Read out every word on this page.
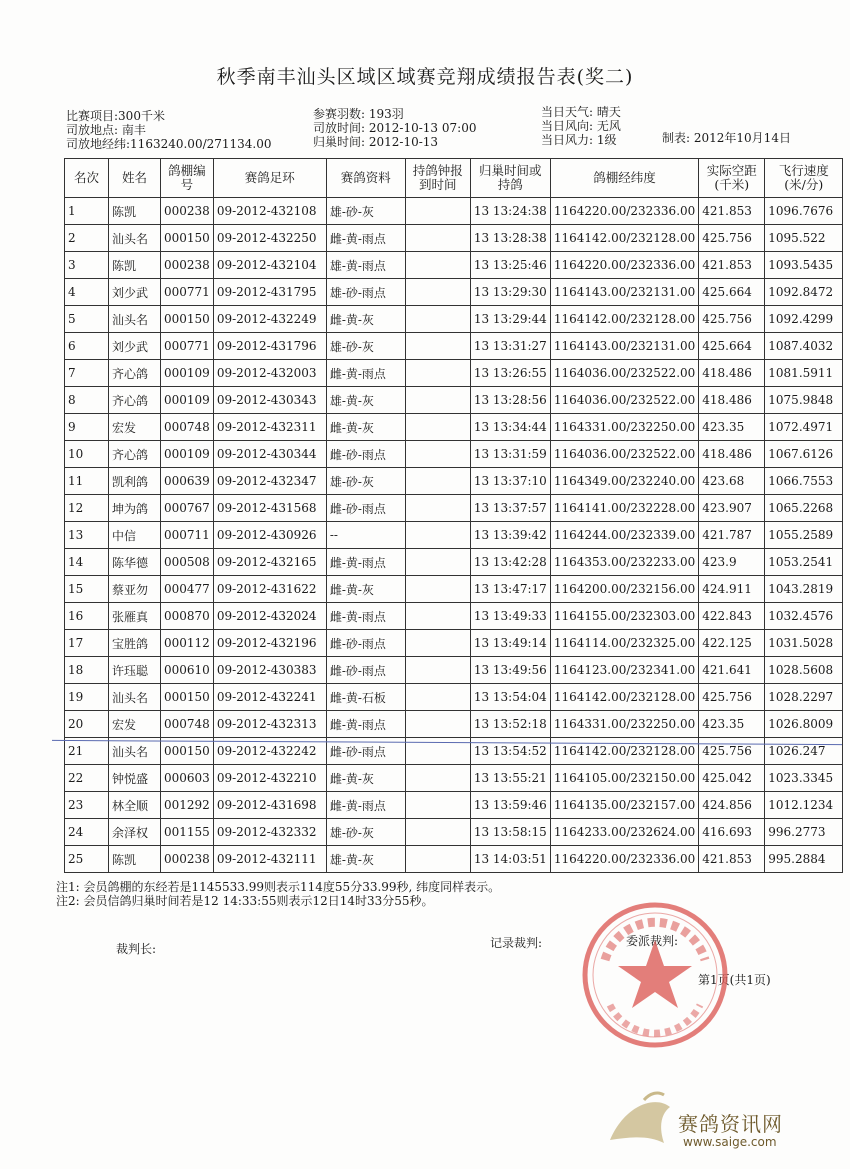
秋季南丰汕头区域区域赛竞翔成绩报告表(奖二)
比赛项目:300千米
司放地点: 南丰
司放地经纬:1163240.00/271134.00
参赛羽数: 193羽
司放时间: 2012-10-13 07:00
归巢时间: 2012-10-13
当日天气: 晴天
当日风向: 无风
当日风力: 1级	制表: 2012年10月14日
名次	姓名	鸽棚编号	赛鸽足环	赛鸽资料	持鸽钟报到时间	归巢时间或持鸽	鸽棚经纬度	实际空距(千米)	飞行速度(米/分)
1	陈凯	000238	09-2012-432108	雄-砂-灰		13 13:24:38	1164220.00/232336.00	421.853	1096.7676
2	汕头名	000150	09-2012-432250	雌-黄-雨点		13 13:28:38	1164142.00/232128.00	425.756	1095.522
3	陈凯	000238	09-2012-432104	雄-黄-雨点		13 13:25:46	1164220.00/232336.00	421.853	1093.5435
4	刘少武	000771	09-2012-431795	雄-砂-雨点		13 13:29:30	1164143.00/232131.00	425.664	1092.8472
5	汕头名	000150	09-2012-432249	雌-黄-灰		13 13:29:44	1164142.00/232128.00	425.756	1092.4299
6	刘少武	000771	09-2012-431796	雄-砂-灰		13 13:31:27	1164143.00/232131.00	425.664	1087.4032
7	齐心鸽	000109	09-2012-432003	雌-黄-雨点		13 13:26:55	1164036.00/232522.00	418.486	1081.5911
8	齐心鸽	000109	09-2012-430343	雄-黄-灰		13 13:28:56	1164036.00/232522.00	418.486	1075.9848
9	宏发	000748	09-2012-432311	雌-黄-灰		13 13:34:44	1164331.00/232250.00	423.35	1072.4971
10	齐心鸽	000109	09-2012-430344	雌-砂-雨点		13 13:31:59	1164036.00/232522.00	418.486	1067.6126
11	凯利鸽	000639	09-2012-432347	雄-砂-灰		13 13:37:10	1164349.00/232240.00	423.68	1066.7553
12	坤为鸽	000767	09-2012-431568	雌-砂-雨点		13 13:37:57	1164141.00/232228.00	423.907	1065.2268
13	中信	000711	09-2012-430926	--		13 13:39:42	1164244.00/232339.00	421.787	1055.2589
14	陈华德	000508	09-2012-432165	雌-黄-雨点		13 13:42:28	1164353.00/232233.00	423.9	1053.2541
15	蔡亚勿	000477	09-2012-431622	雌-黄-灰		13 13:47:17	1164200.00/232156.00	424.911	1043.2819
16	张雁真	000870	09-2012-432024	雌-黄-雨点		13 13:49:33	1164155.00/232303.00	422.843	1032.4576
17	宝胜鸽	000112	09-2012-432196	雌-砂-雨点		13 13:49:14	1164114.00/232325.00	422.125	1031.5028
18	许珏聪	000610	09-2012-430383	雌-砂-雨点		13 13:49:56	1164123.00/232341.00	421.641	1028.5608
19	汕头名	000150	09-2012-432241	雌-黄-石板		13 13:54:04	1164142.00/232128.00	425.756	1028.2297
20	宏发	000748	09-2012-432313	雌-黄-雨点		13 13:52:18	1164331.00/232250.00	423.35	1026.8009
21	汕头名	000150	09-2012-432242	雌-砂-雨点		13 13:54:52	1164142.00/232128.00	425.756	1026.247
22	钟悦盛	000603	09-2012-432210	雌-黄-灰		13 13:55:21	1164105.00/232150.00	425.042	1023.3345
23	林全顺	001292	09-2012-431698	雌-黄-雨点		13 13:59:46	1164135.00/232157.00	424.856	1012.1234
24	余泽权	001155	09-2012-432332	雄-砂-灰		13 13:58:15	1164233.00/232624.00	416.693	996.2773
25	陈凯	000238	09-2012-432111	雄-黄-灰		13 14:03:51	1164220.00/232336.00	421.853	995.2884
注1: 会员鸽棚的东经若是1145533.99则表示114度55分33.99秒, 纬度同样表示。
注2: 会员信鸽归巢时间若是12 14:33:55则表示12日14时33分55秒。
裁判长:	记录裁判:	委派裁判:
第1页(共1页)
赛鸽资讯网
www.saige.com
